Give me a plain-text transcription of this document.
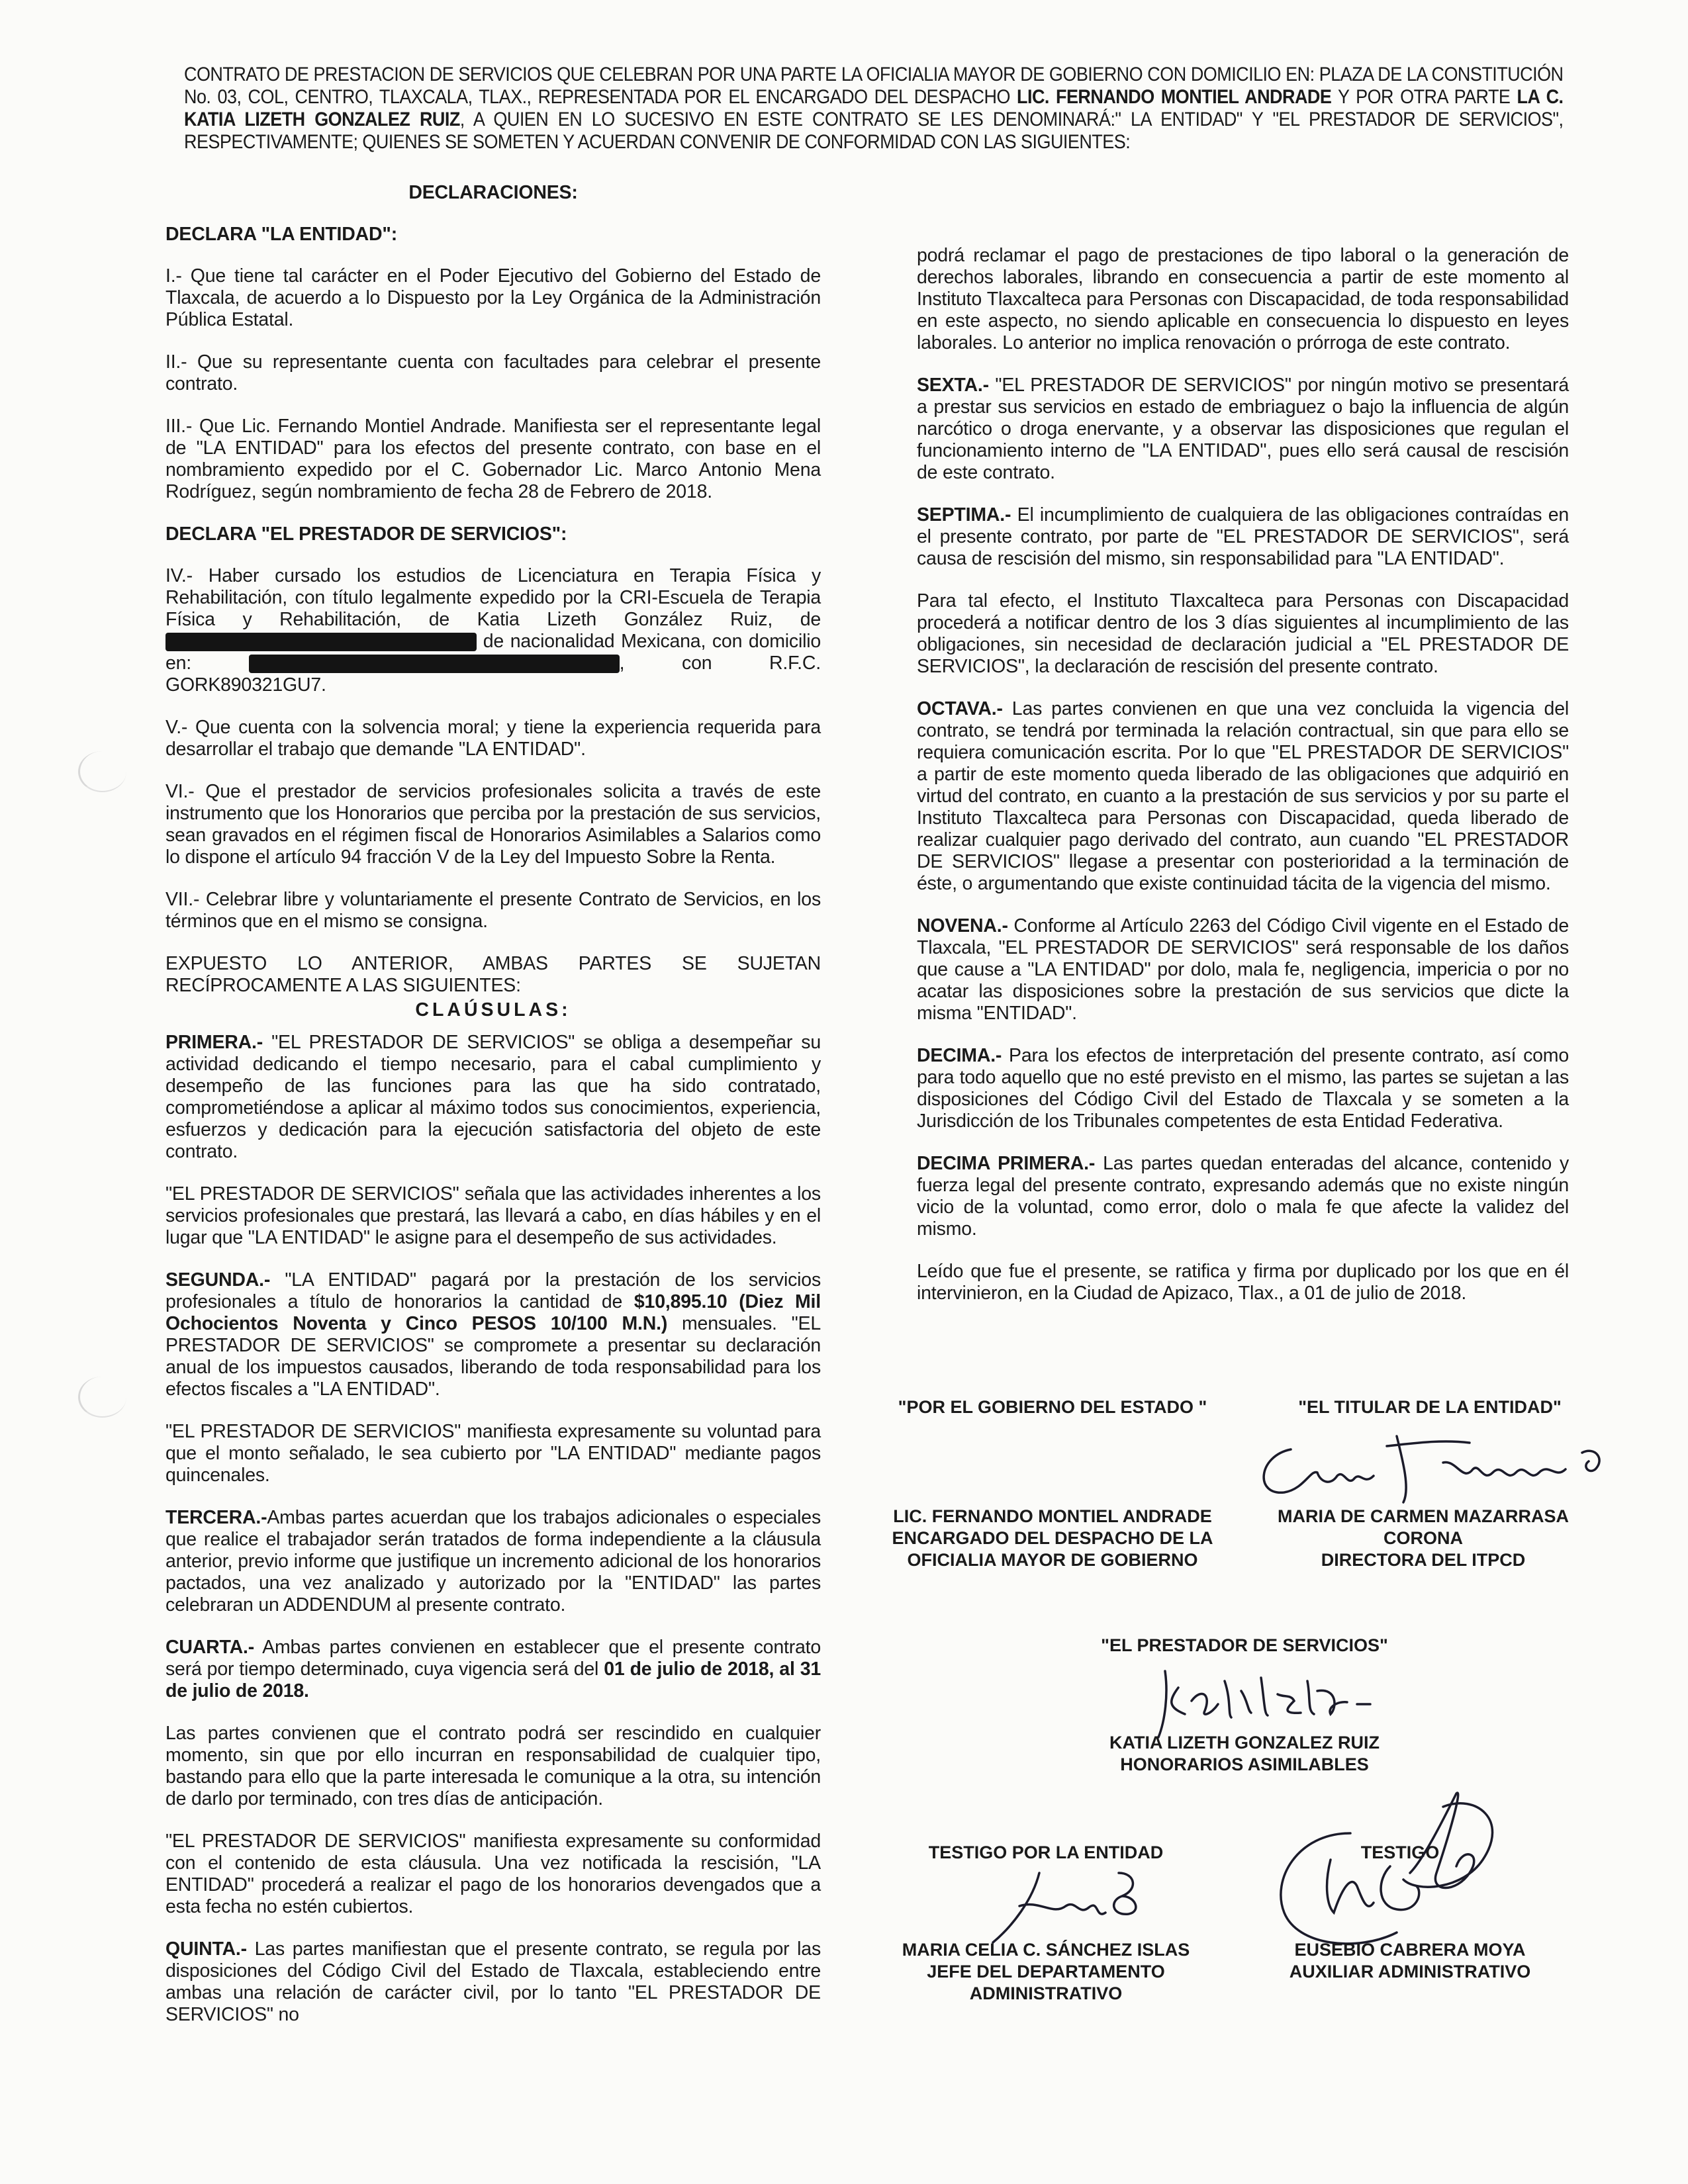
CONTRATO DE PRESTACION DE SERVICIOS QUE CELEBRAN POR UNA PARTE LA OFICIALIA MAYOR DE GOBIERNO CON DOMICILIO EN: PLAZA DE LA CONSTITUCIÓN No. 03, COL, CENTRO, TLAXCALA, TLAX., REPRESENTADA POR EL ENCARGADO DEL DESPACHO LIC. FERNANDO MONTIEL ANDRADE Y POR OTRA PARTE LA C. KATIA LIZETH GONZALEZ RUIZ, A QUIEN EN LO SUCESIVO EN ESTE CONTRATO SE LES DENOMINARÁ:" LA ENTIDAD" Y "EL PRESTADOR DE SERVICIOS", RESPECTIVAMENTE; QUIENES SE SOMETEN Y ACUERDAN CONVENIR DE CONFORMIDAD CON LAS SIGUIENTES:

DECLARACIONES:

DECLARA "LA ENTIDAD":

I.- Que tiene tal carácter en el Poder Ejecutivo del Gobierno del Estado de Tlaxcala, de acuerdo a lo Dispuesto por la Ley Orgánica de la Administración Pública Estatal.

II.- Que su representante cuenta con facultades para celebrar el presente contrato.

III.- Que Lic. Fernando Montiel Andrade. Manifiesta ser el representante legal de "LA ENTIDAD" para los efectos del presente contrato, con base en el nombramiento expedido por el C. Gobernador Lic. Marco Antonio Mena Rodríguez, según nombramiento de fecha 28 de Febrero de 2018.

DECLARA "EL PRESTADOR DE SERVICIOS":

IV.- Haber cursado los estudios de Licenciatura en Terapia Física y Rehabilitación, con título legalmente expedido por la CRI-Escuela de Terapia Física y Rehabilitación, de Katia Lizeth González Ruiz, de  de nacionalidad Mexicana, con domicilio en:	, con R.F.C. GORK890321GU7.

V.- Que cuenta con la solvencia moral; y tiene la experiencia requerida para desarrollar el trabajo que demande "LA ENTIDAD".

VI.- Que el prestador de servicios profesionales solicita a través de este instrumento que los Honorarios que perciba por la prestación de sus servicios, sean gravados en el régimen fiscal de Honorarios Asimilables a Salarios como lo dispone el artículo 94 fracción V de la Ley del Impuesto Sobre la Renta.

VII.- Celebrar libre y voluntariamente el presente Contrato de Servicios, en los términos que en el mismo se consigna.

EXPUESTO LO ANTERIOR, AMBAS PARTES SE SUJETAN RECÍPROCAMENTE A LAS SIGUIENTES:

CLAÚSULAS:

PRIMERA.- "EL PRESTADOR DE SERVICIOS" se obliga a desempeñar su actividad dedicando el tiempo necesario, para el cabal cumplimiento y desempeño de las funciones para las que ha sido contratado, comprometiéndose a aplicar al máximo todos sus conocimientos, experiencia, esfuerzos y dedicación para la ejecución satisfactoria del objeto de este contrato.

"EL PRESTADOR DE SERVICIOS" señala que las actividades inherentes a los servicios profesionales que prestará, las llevará a cabo, en días hábiles y en el lugar que "LA ENTIDAD" le asigne para el desempeño de sus actividades.

SEGUNDA.- "LA ENTIDAD" pagará por la prestación de los servicios profesionales a título de honorarios la cantidad de $10,895.10 (Diez Mil Ochocientos Noventa y Cinco PESOS 10/100 M.N.) mensuales. "EL PRESTADOR DE SERVICIOS" se compromete a presentar su declaración anual de los impuestos causados, liberando de toda responsabilidad para los efectos fiscales a "LA ENTIDAD".

"EL PRESTADOR DE SERVICIOS" manifiesta expresamente su voluntad para que el monto señalado, le sea cubierto por "LA ENTIDAD" mediante pagos quincenales.

TERCERA.-Ambas partes acuerdan que los trabajos adicionales o especiales que realice el trabajador serán tratados de forma independiente a la cláusula anterior, previo informe que justifique un incremento adicional de los honorarios pactados, una vez analizado y autorizado por la "ENTIDAD" las partes celebraran un ADDENDUM al presente contrato.

CUARTA.- Ambas partes convienen en establecer que el presente contrato será por tiempo determinado, cuya vigencia será del 01 de julio de 2018, al 31 de julio de 2018.

Las partes convienen que el contrato podrá ser rescindido en cualquier momento, sin que por ello incurran en responsabilidad de cualquier tipo, bastando para ello que la parte interesada le comunique a la otra, su intención de darlo por terminado, con tres días de anticipación.

"EL PRESTADOR DE SERVICIOS" manifiesta expresamente su conformidad con el contenido de esta cláusula. Una vez notificada la rescisión, "LA ENTIDAD" procederá a realizar el pago de los honorarios devengados que a esta fecha no estén cubiertos.

QUINTA.- Las partes manifiestan que el presente contrato, se regula por las disposiciones del Código Civil del Estado de Tlaxcala, estableciendo entre ambas una relación de carácter civil, por lo tanto "EL PRESTADOR DE SERVICIOS" no

podrá reclamar el pago de prestaciones de tipo laboral o la generación de derechos laborales, librando en consecuencia a partir de este momento al Instituto Tlaxcalteca para Personas con Discapacidad, de toda responsabilidad en este aspecto, no siendo aplicable en consecuencia lo dispuesto en leyes laborales. Lo anterior no implica renovación o prórroga de este contrato.

SEXTA.- "EL PRESTADOR DE SERVICIOS" por ningún motivo se presentará a prestar sus servicios en estado de embriaguez o bajo la influencia de algún narcótico o droga enervante, y a observar las disposiciones que regulan el funcionamiento interno de "LA ENTIDAD", pues ello será causal de rescisión de este contrato.

SEPTIMA.- El incumplimiento de cualquiera de las obligaciones contraídas en el presente contrato, por parte de "EL PRESTADOR DE SERVICIOS", será causa de rescisión del mismo, sin responsabilidad para "LA ENTIDAD".

Para tal efecto, el Instituto Tlaxcalteca para Personas con Discapacidad procederá a notificar dentro de los 3 días siguientes al incumplimiento de las obligaciones, sin necesidad de declaración judicial a "EL PRESTADOR DE SERVICIOS", la declaración de rescisión del presente contrato.

OCTAVA.- Las partes convienen en que una vez concluida la vigencia del contrato, se tendrá por terminada la relación contractual, sin que para ello se requiera comunicación escrita. Por lo que "EL PRESTADOR DE SERVICIOS" a partir de este momento queda liberado de las obligaciones que adquirió en virtud del contrato, en cuanto a la prestación de sus servicios y por su parte el Instituto Tlaxcalteca para Personas con Discapacidad, queda liberado de realizar cualquier pago derivado del contrato, aun cuando "EL PRESTADOR DE SERVICIOS" llegase a presentar con posterioridad a la terminación de éste, o argumentando que existe continuidad tácita de la vigencia del mismo.

NOVENA.- Conforme al Artículo 2263 del Código Civil vigente en el Estado de Tlaxcala, "EL PRESTADOR DE SERVICIOS" será responsable de los daños que cause a "LA ENTIDAD" por dolo, mala fe, negligencia, impericia o por no acatar las disposiciones sobre la prestación de sus servicios que dicte la misma "ENTIDAD".

DECIMA.- Para los efectos de interpretación del presente contrato, así como para todo aquello que no esté previsto en el mismo, las partes se sujetan a las disposiciones del Código Civil del Estado de Tlaxcala y se someten a la Jurisdicción de los Tribunales competentes de esta Entidad Federativa.

DECIMA PRIMERA.- Las partes quedan enteradas del alcance, contenido y fuerza legal del presente contrato, expresando además que no existe ningún vicio de la voluntad, como error, dolo o mala fe que afecte la validez del mismo.

Leído que fue el presente, se ratifica y firma por duplicado por los que en él intervinieron, en la Ciudad de Apizaco, Tlax., a 01 de julio de 2018.

"POR EL GOBIERNO DEL ESTADO "	"EL TITULAR DE LA ENTIDAD"
LIC. FERNANDO MONTIEL ANDRADE
ENCARGADO DEL DESPACHO DE LA
OFICIALIA MAYOR DE GOBIERNO
MARIA DE CARMEN MAZARRASA
CORONA
DIRECTORA DEL ITPCD
"EL PRESTADOR DE SERVICIOS"
KATIA LIZETH GONZALEZ RUIZ
HONORARIOS ASIMILABLES
TESTIGO POR LA ENTIDAD	TESTIGO
MARIA CELIA C. SÁNCHEZ ISLAS
JEFE DEL DEPARTAMENTO
ADMINISTRATIVO
EUSEBIO CABRERA MOYA
AUXILIAR ADMINISTRATIVO
